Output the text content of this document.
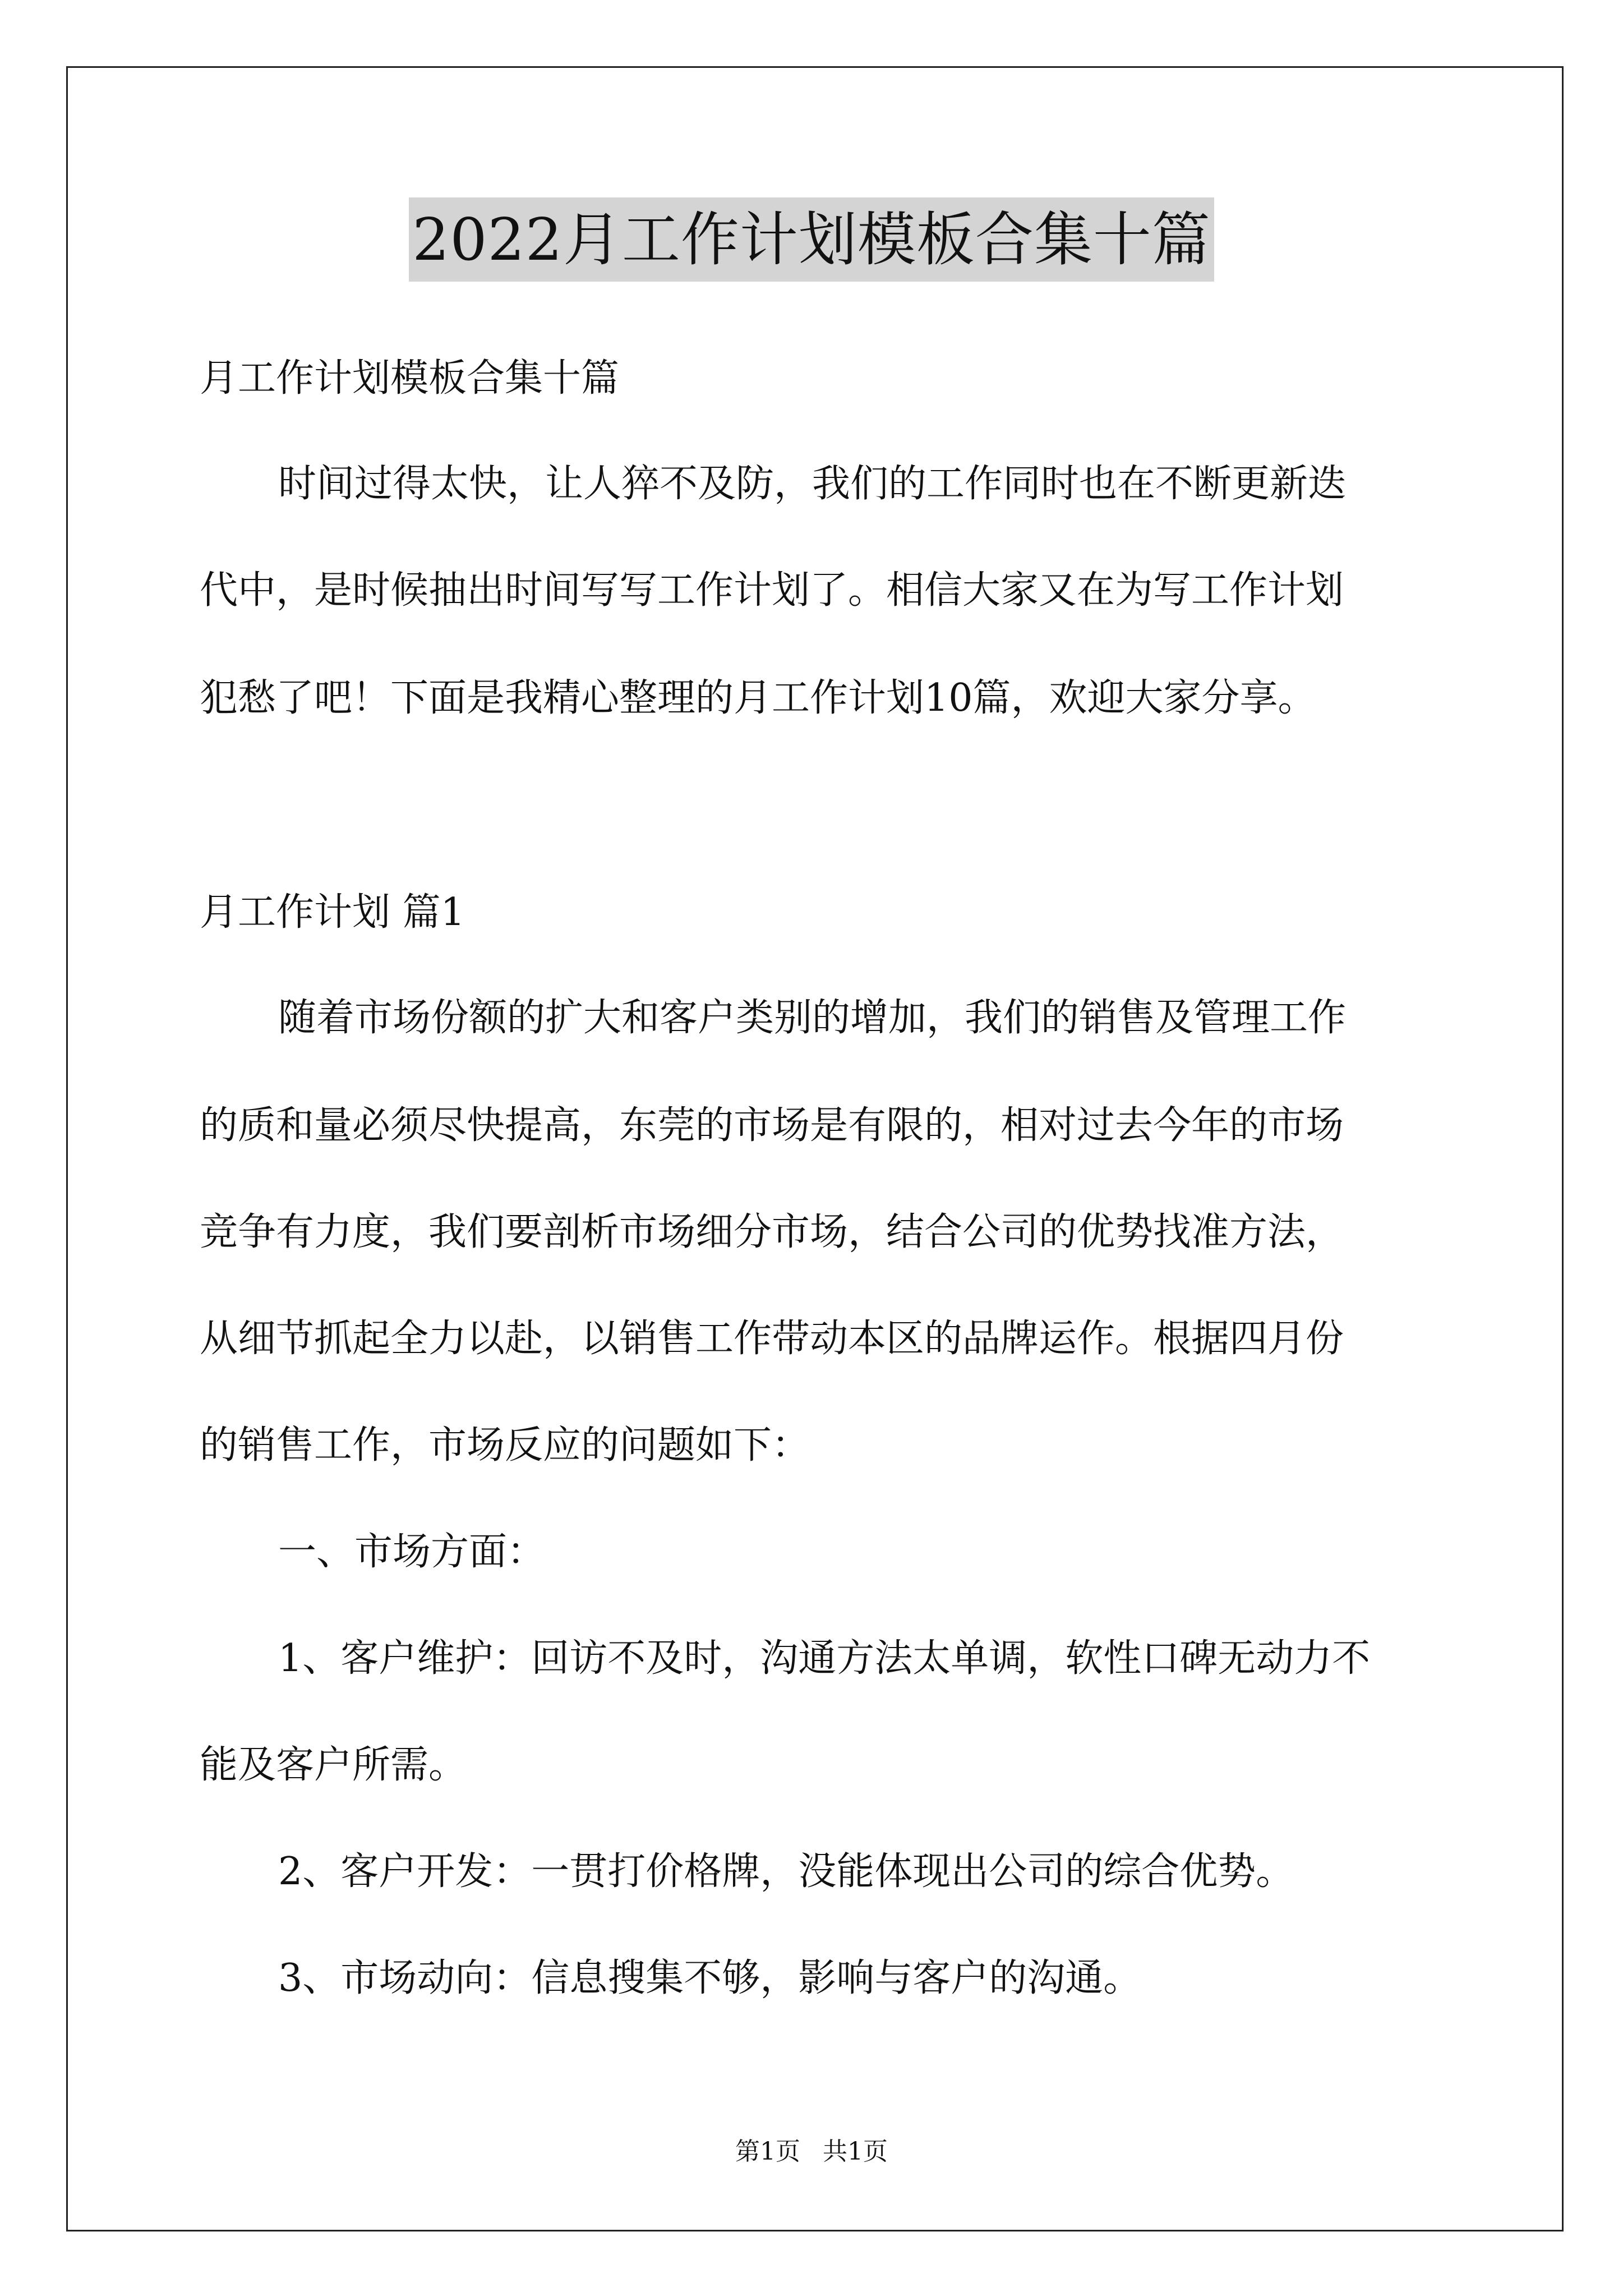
2022月工作计划模板合集十篇

月工作计划模板合集十篇

时间过得太快，让人猝不及防，我们的工作同时也在不断更新迭

代中，是时候抽出时间写写工作计划了。相信大家又在为写工作计划

犯愁了吧！下面是我精心整理的月工作计划10篇，欢迎大家分享。

月工作计划 篇1

随着市场份额的扩大和客户类别的增加，我们的销售及管理工作

的质和量必须尽快提高，东莞的市场是有限的，相对过去今年的市场

竞争有力度，我们要剖析市场细分市场，结合公司的优势找准方法，

从细节抓起全力以赴，以销售工作带动本区的品牌运作。根据四月份

的销售工作，市场反应的问题如下：

一、市场方面：

1、客户维护：回访不及时，沟通方法太单调，软性口碑无动力不

能及客户所需。

2、客户开发：一贯打价格牌，没能体现出公司的综合优势。

3、市场动向：信息搜集不够，影响与客户的沟通。

第1页 共1页
